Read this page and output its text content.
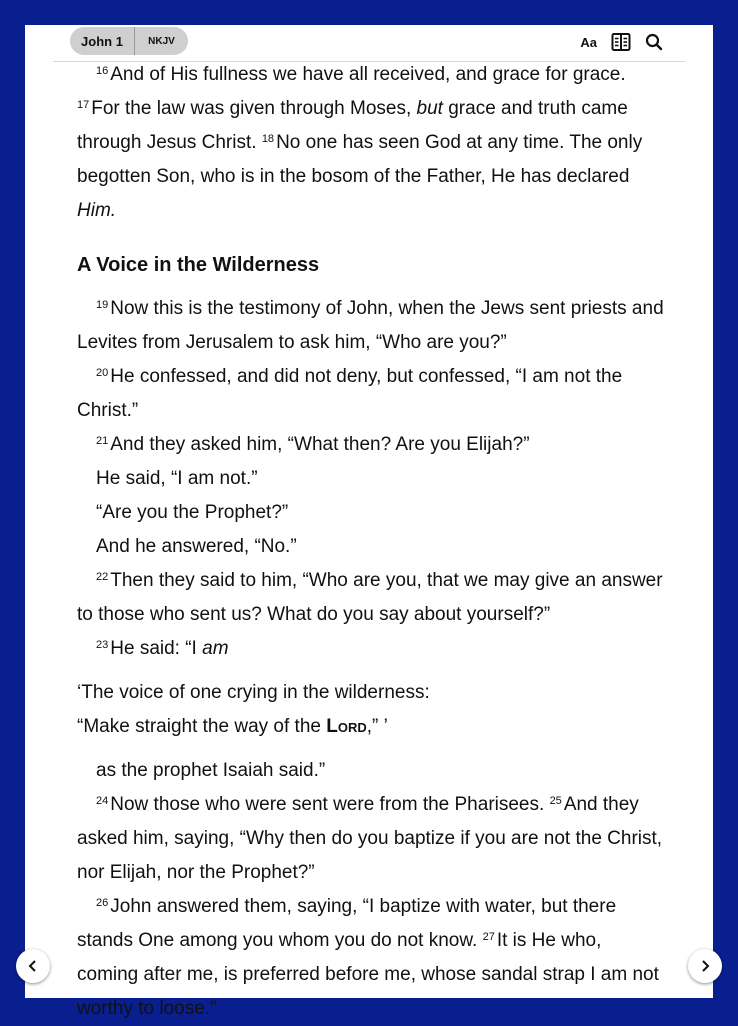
John 1	NKJV	Aa

$^{16}$ And of His fullness we have all received, and grace for grace. $^{17}$ For the law was given through Moses, but grace and truth came through Jesus Christ. $^{18}$ No one has seen God at any time. The only begotten Son, who is in the bosom of the Father, He has declared Him.

A Voice in the Wilderness

$^{19}$ Now this is the testimony of John, when the Jews sent priests and Levites from Jerusalem to ask him, “Who are you?”

$^{20}$ He confessed, and did not deny, but confessed, “I am not the Christ.”

$^{21}$ And they asked him, “What then? Are you Elijah?”

He said, “I am not.”

“Are you the Prophet?”

And he answered, “No.”

$^{22}$ Then they said to him, “Who are you, that we may give an answer to those who sent us? What do you say about yourself?”

$^{23}$ He said: “I am

‘The voice of one crying in the wilderness:

“Make straight the way of the Lord,” ’

as the prophet Isaiah said.”

$^{24}$ Now those who were sent were from the Pharisees. $^{25}$ And they asked him, saying, “Why then do you baptize if you are not the Christ, nor Elijah, nor the Prophet?”

$^{26}$ John answered them, saying, “I baptize with water, but there stands One among you whom you do not know. $^{27}$ It is He who, coming after me, is preferred before me, whose sandal strap I am not worthy to loose.”
